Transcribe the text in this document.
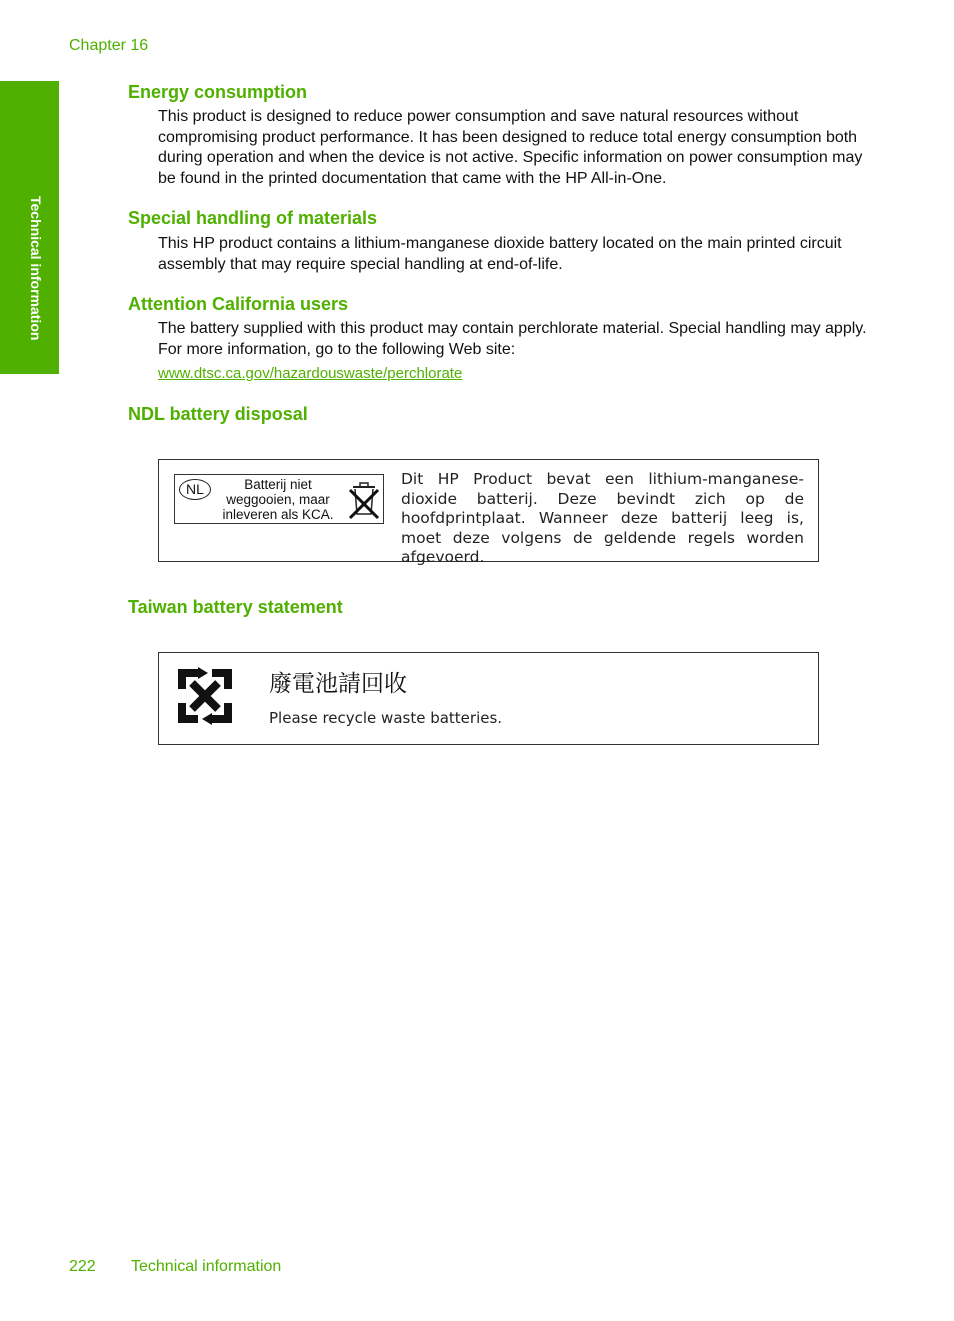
Chapter 16
Technical information
Energy consumption

This product is designed to reduce power consumption and save natural resources without compromising product performance. It has been designed to reduce total energy consumption both during operation and when the device is not active. Specific information on power consumption may be found in the printed documentation that came with the HP All-in-One.

Special handling of materials

This HP product contains a lithium-manganese dioxide battery located on the main printed circuit assembly that may require special handling at end-of-life.

Attention California users

The battery supplied with this product may contain perchlorate material. Special handling may apply. For more information, go to the following Web site:

www.dtsc.ca.gov/hazardouswaste/perchlorate
NDL battery disposal
NL	Batterij niet
weggooien, maar
inleveren als KCA.
Dit HP Product bevat een lithium-manganese-dioxide batterij. Deze bevindt zich op de hoofdprintplaat. Wanneer deze batterij leeg is, moet deze volgens de geldende regels worden afgevoerd.
Taiwan battery statement
廢電池請回收
Please recycle waste batteries.
222 Technical information
